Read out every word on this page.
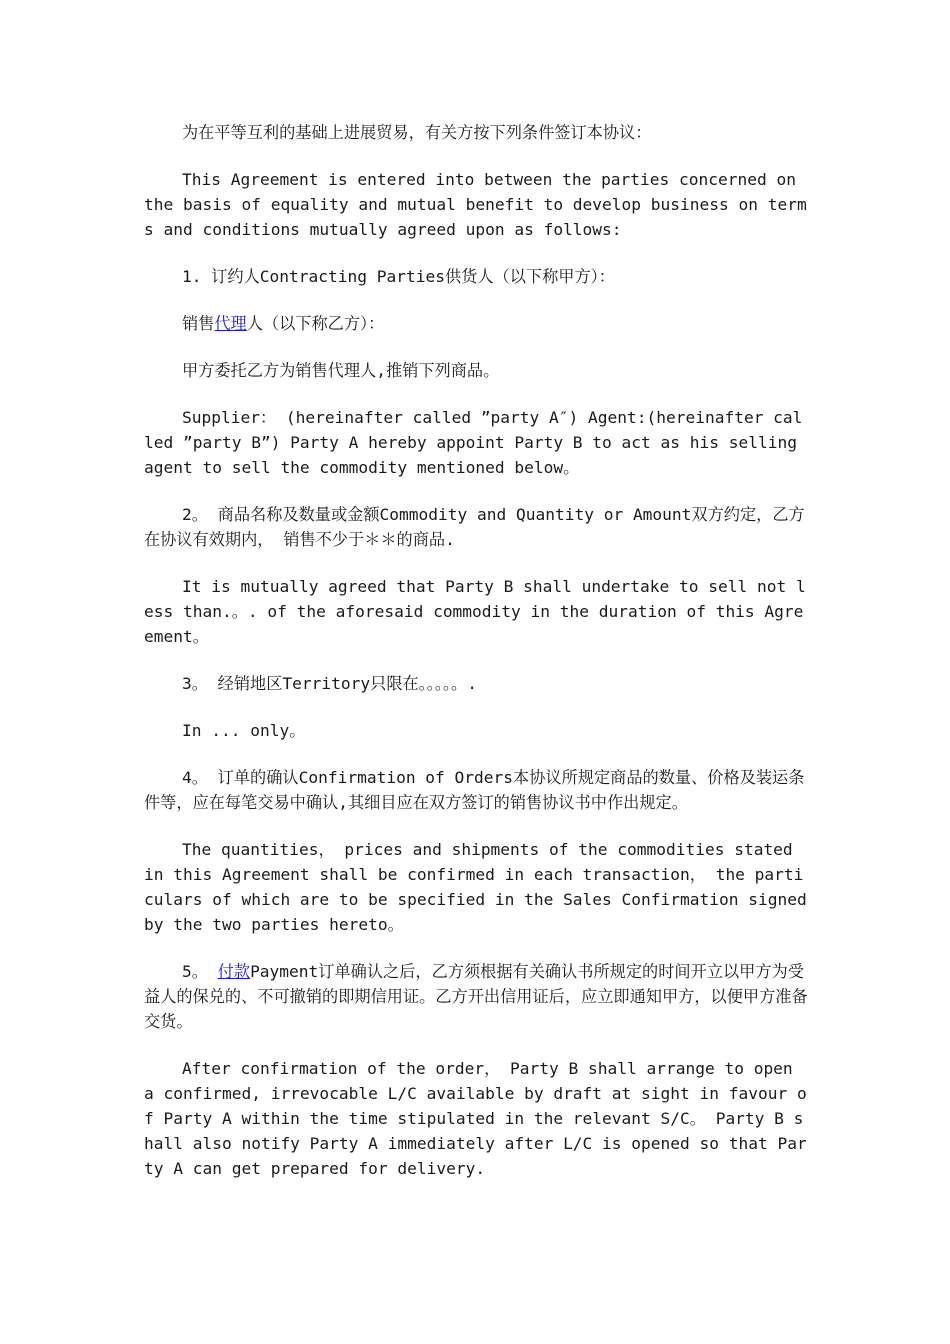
为在平等互利的基础上进展贸易，有关方按下列条件签订本协议：

This Agreement is entered into between the parties concerned on the basis of equality and mutual benefit to develop business on terms and conditions mutually agreed upon as follows:

1. 订约人Contracting Parties供货人（以下称甲方）：

销售代理人（以下称乙方）：

甲方委托乙方为销售代理人,推销下列商品。

Supplier： (hereinafter called ”party A″) Agent:(hereinafter called ”party B”) Party A hereby appoint Party B to act as his selling agent to sell the commodity mentioned below。

2。 商品名称及数量或金额Commodity and Quantity or Amount双方约定，乙方在协议有效期内， 销售不少于＊＊的商品.

It is mutually agreed that Party B shall undertake to sell not less than.。. of the aforesaid commodity in the duration of this Agreement。

3。 经销地区Territory只限在。。。。。.

In ... only。

4。 订单的确认Confirmation of Orders本协议所规定商品的数量、价格及装运条件等，应在每笔交易中确认,其细目应在双方签订的销售协议书中作出规定。

The quantities， prices and shipments of the commodities stated in this Agreement shall be confirmed in each transaction， the particulars of which are to be specified in the Sales Confirmation signed by the two parties hereto。

5。 付款Payment订单确认之后，乙方须根据有关确认书所规定的时间开立以甲方为受益人的保兑的、不可撤销的即期信用证。乙方开出信用证后，应立即通知甲方，以便甲方准备交货。

After confirmation of the order， Party B shall arrange to open a confirmed, irrevocable L/C available by draft at sight in favour of Party A within the time stipulated in the relevant S/C。 Party B shall also notify Party A immediately after L/C is opened so that Party A can get prepared for delivery.
